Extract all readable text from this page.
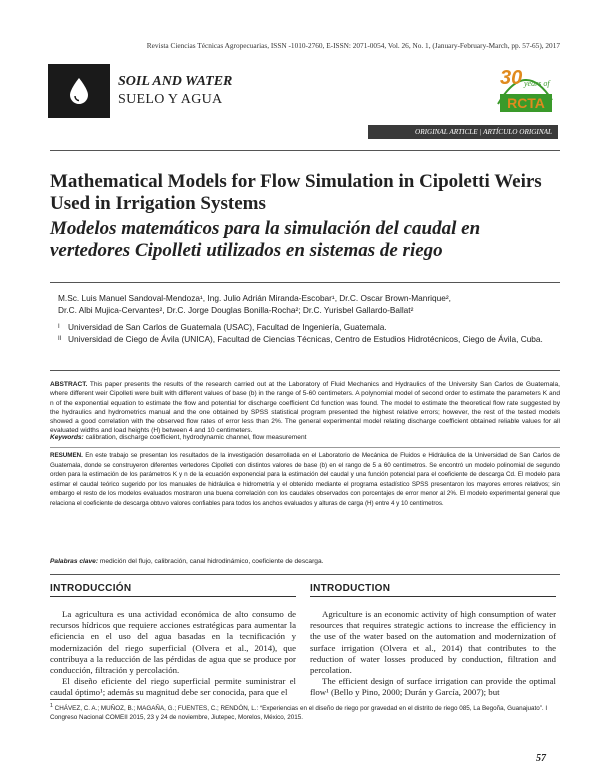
Revista Ciencias Técnicas Agropecuarias, ISSN -1010-2760, E-ISSN: 2071-0054, Vol. 26, No. 1, (January-February-March, pp. 57-65), 2017
SOIL AND WATER
SUELO Y AGUA
30 years of
RCTA
ORIGINAL ARTICLE | ARTÍCULO ORIGINAL
Mathematical Models for Flow Simulation in Cipoletti Weirs Used in Irrigation Systems
Modelos matemáticos para la simulación del caudal en vertedores Cipolleti utilizados en sistemas de riego
M.Sc. Luis Manuel Sandoval-Mendoza¹, Ing. Julio Adrián Miranda-Escobar¹, Dr.C. Oscar Brown-Manrique²,
Dr.C. Albi Mujica-Cervantes², Dr.C. Jorge Douglas Bonilla-Rocha²; Dr.C. Yurisbel Gallardo-Ballat²
I	Universidad de San Carlos de Guatemala (USAC), Facultad de Ingeniería, Guatemala.
II Universidad de Ciego de Ávila (UNICA), Facultad de Ciencias Técnicas, Centro de Estudios Hidrotécnicos, Ciego de Ávila, Cuba.

ABSTRACT. This paper presents the results of the research carried out at the Laboratory of Fluid Mechanics and Hydraulics of the University San Carlos de Guatemala, where different weir Cipolleti were built with different values of base (b) in the range of 5-60 centimeters. A polynomial model of second order to estimate the parameters K and n of the exponential equation to estimate the flow and potential for discharge coefficient Cd function was found. The model to estimate the theoretical flow rate suggested by the hydraulics and hydrometrics manual and the one obtained by SPSS statistical program presented the highest relative errors; however, the rest of the tested models showed a good correlation with the observed flow rates of error less than 2%. The general experimental model relating discharge coefficient obtained reliable values for all evaluated widths and load heights (H) between 4 and 10 centimeters.

Keywords: calibration, discharge coefficient, hydrodynamic channel, flow measurement

RESUMEN. En este trabajo se presentan los resultados de la investigación desarrollada en el Laboratorio de Mecánica de Fluidos e Hidráulica de la Universidad de San Carlos de Guatemala, donde se construyeron diferentes vertedores Cipolleti con distintos valores de base (b) en el rango de 5 a 60 centímetros. Se encontró un modelo polinomial de segundo orden para la estimación de los parámetros K y n de la ecuación exponencial para la estimación del caudal y una función potencial para el coeficiente de descarga Cd. El modelo para estimar el caudal teórico sugerido por los manuales de hidráulica e hidrometría y el obtenido mediante el programa estadístico SPSS presentaron los mayores errores relativos; sin embargo el resto de los modelos evaluados mostraron una buena correlación con los caudales observados con porcentajes de error menor al 2%. El modelo experimental general que relaciona el coeficiente de descarga obtuvo valores confiables para todos los anchos evaluados y alturas de carga (H) entre 4 y 10 centímetros.

Palabras clave: medición del flujo, calibración, canal hidrodinámico, coeficiente de descarga.

INTRODUCCIÓN

La agricultura es una actividad económica de alto consumo de recursos hídricos que requiere acciones estratégicas para aumentar la eficiencia en el uso del agua basadas en la tecnificación y modernización del riego superficial (Olvera et al., 2014), que contribuya a la reducción de las pérdidas de agua que se produce por conducción, filtración y percolación.

El diseño eficiente del riego superficial permite suministrar el caudal óptimo¹; además su magnitud debe ser conocida, para que el

INTRODUCTION

Agriculture is an economic activity of high consumption of water resources that requires strategic actions to increase the efficiency in the use of the water based on the automation and modernization of surface irrigation (Olvera et al., 2014) that contributes to the reduction of water losses produced by conduction, filtration and percolation.

The efficient design of surface irrigation can provide the optimal flow¹ (Bello y Pino, 2000; Durán y García, 2007); but

$^1$ CHÁVEZ, C. A.; MUÑOZ, B.; MAGAÑA, G.; FUENTES, C.; RENDÓN, L.: “Experiencias en el diseño de riego por gravedad en el distrito de riego 085, La Begoña, Guanajuato”. I Congreso Nacional COMEII 2015, 23 y 24 de noviembre, Jiutepec, Morelos, México, 2015.

57
